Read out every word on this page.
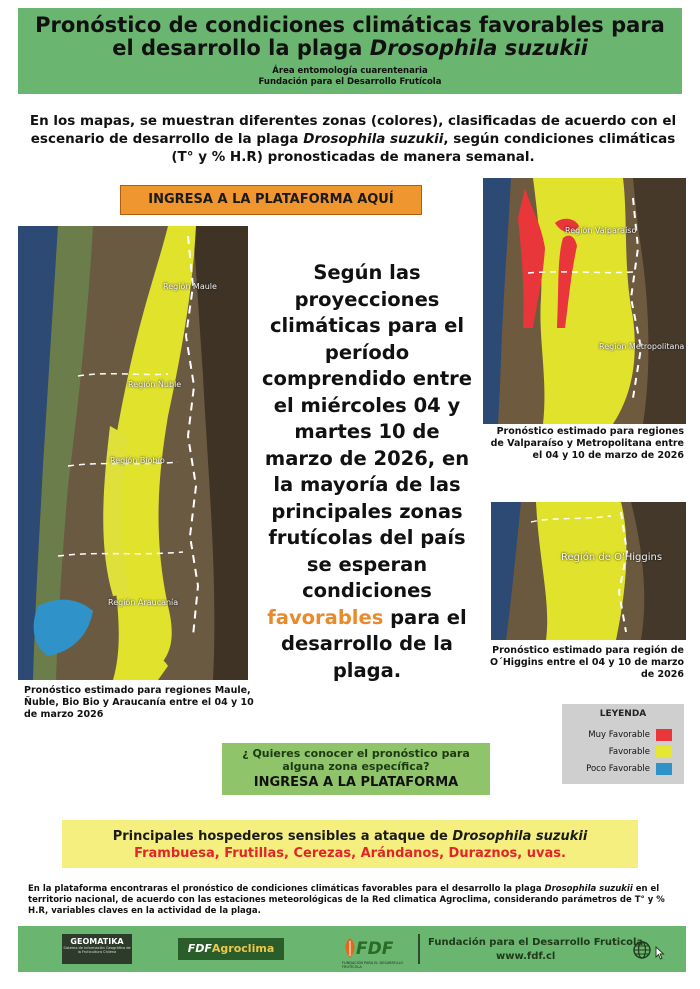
Pronóstico de condiciones climáticas favorables para
el desarrollo la plaga Drosophila suzukii
Área entomología cuarentenaria
Fundación para el Desarrollo Frutícola
En los mapas, se muestran diferentes zonas (colores), clasificadas de acuerdo con el escenario de desarrollo de la plaga Drosophila suzukii, según condiciones climáticas (T° y % H.R) pronosticadas de manera semanal.
INGRESA A LA PLATAFORMA AQUÍ
Región Maule
Región Ñuble
Región Biobío
Región Araucanía
Pronóstico estimado para regiones Maule, Ñuble, Bio Bio y Araucanía entre el 04 y 10 de marzo 2026
Según las proyecciones climáticas para el período comprendido entre el miércoles 04 y martes 10 de marzo de 2026, en la mayoría de las principales zonas frutícolas del país se esperan condiciones favorables para el desarrollo de la plaga.
Región Valparaíso
Región Metropolitana
Pronóstico estimado para regiones de Valparaíso y Metropolitana entre el 04 y 10 de marzo de 2026
Región de O'Higgins
Pronóstico estimado para región de O´Higgins entre el 04 y 10 de marzo de 2026
LEYENDA
Muy Favorable
Favorable
Poco Favorable
¿ Quieres conocer el pronóstico para alguna zona específica?
INGRESA A LA PLATAFORMA
Principales hospederos sensibles a ataque de Drosophila suzukii
Frambuesa, Frutillas, Cerezas, Arándanos, Duraznos, uvas.
En la plataforma encontraras el pronóstico de condiciones climáticas favorables para el desarrollo la plaga Drosophila suzukii en el territorio nacional, de acuerdo con las estaciones meteorológicas de la Red climatica Agroclima, considerando parámetros de T° y % H.R, variables claves en la actividad de la plaga.
GEOMATIKA
Sistema de Información Geográfica de la Fruticultura Chilena	FDFAgroclima	FDF
FUNDACIÓN PARA EL DESARROLLO FRUTÍCOLA
Fundación para el Desarrollo Fruticola
www.fdf.cl
